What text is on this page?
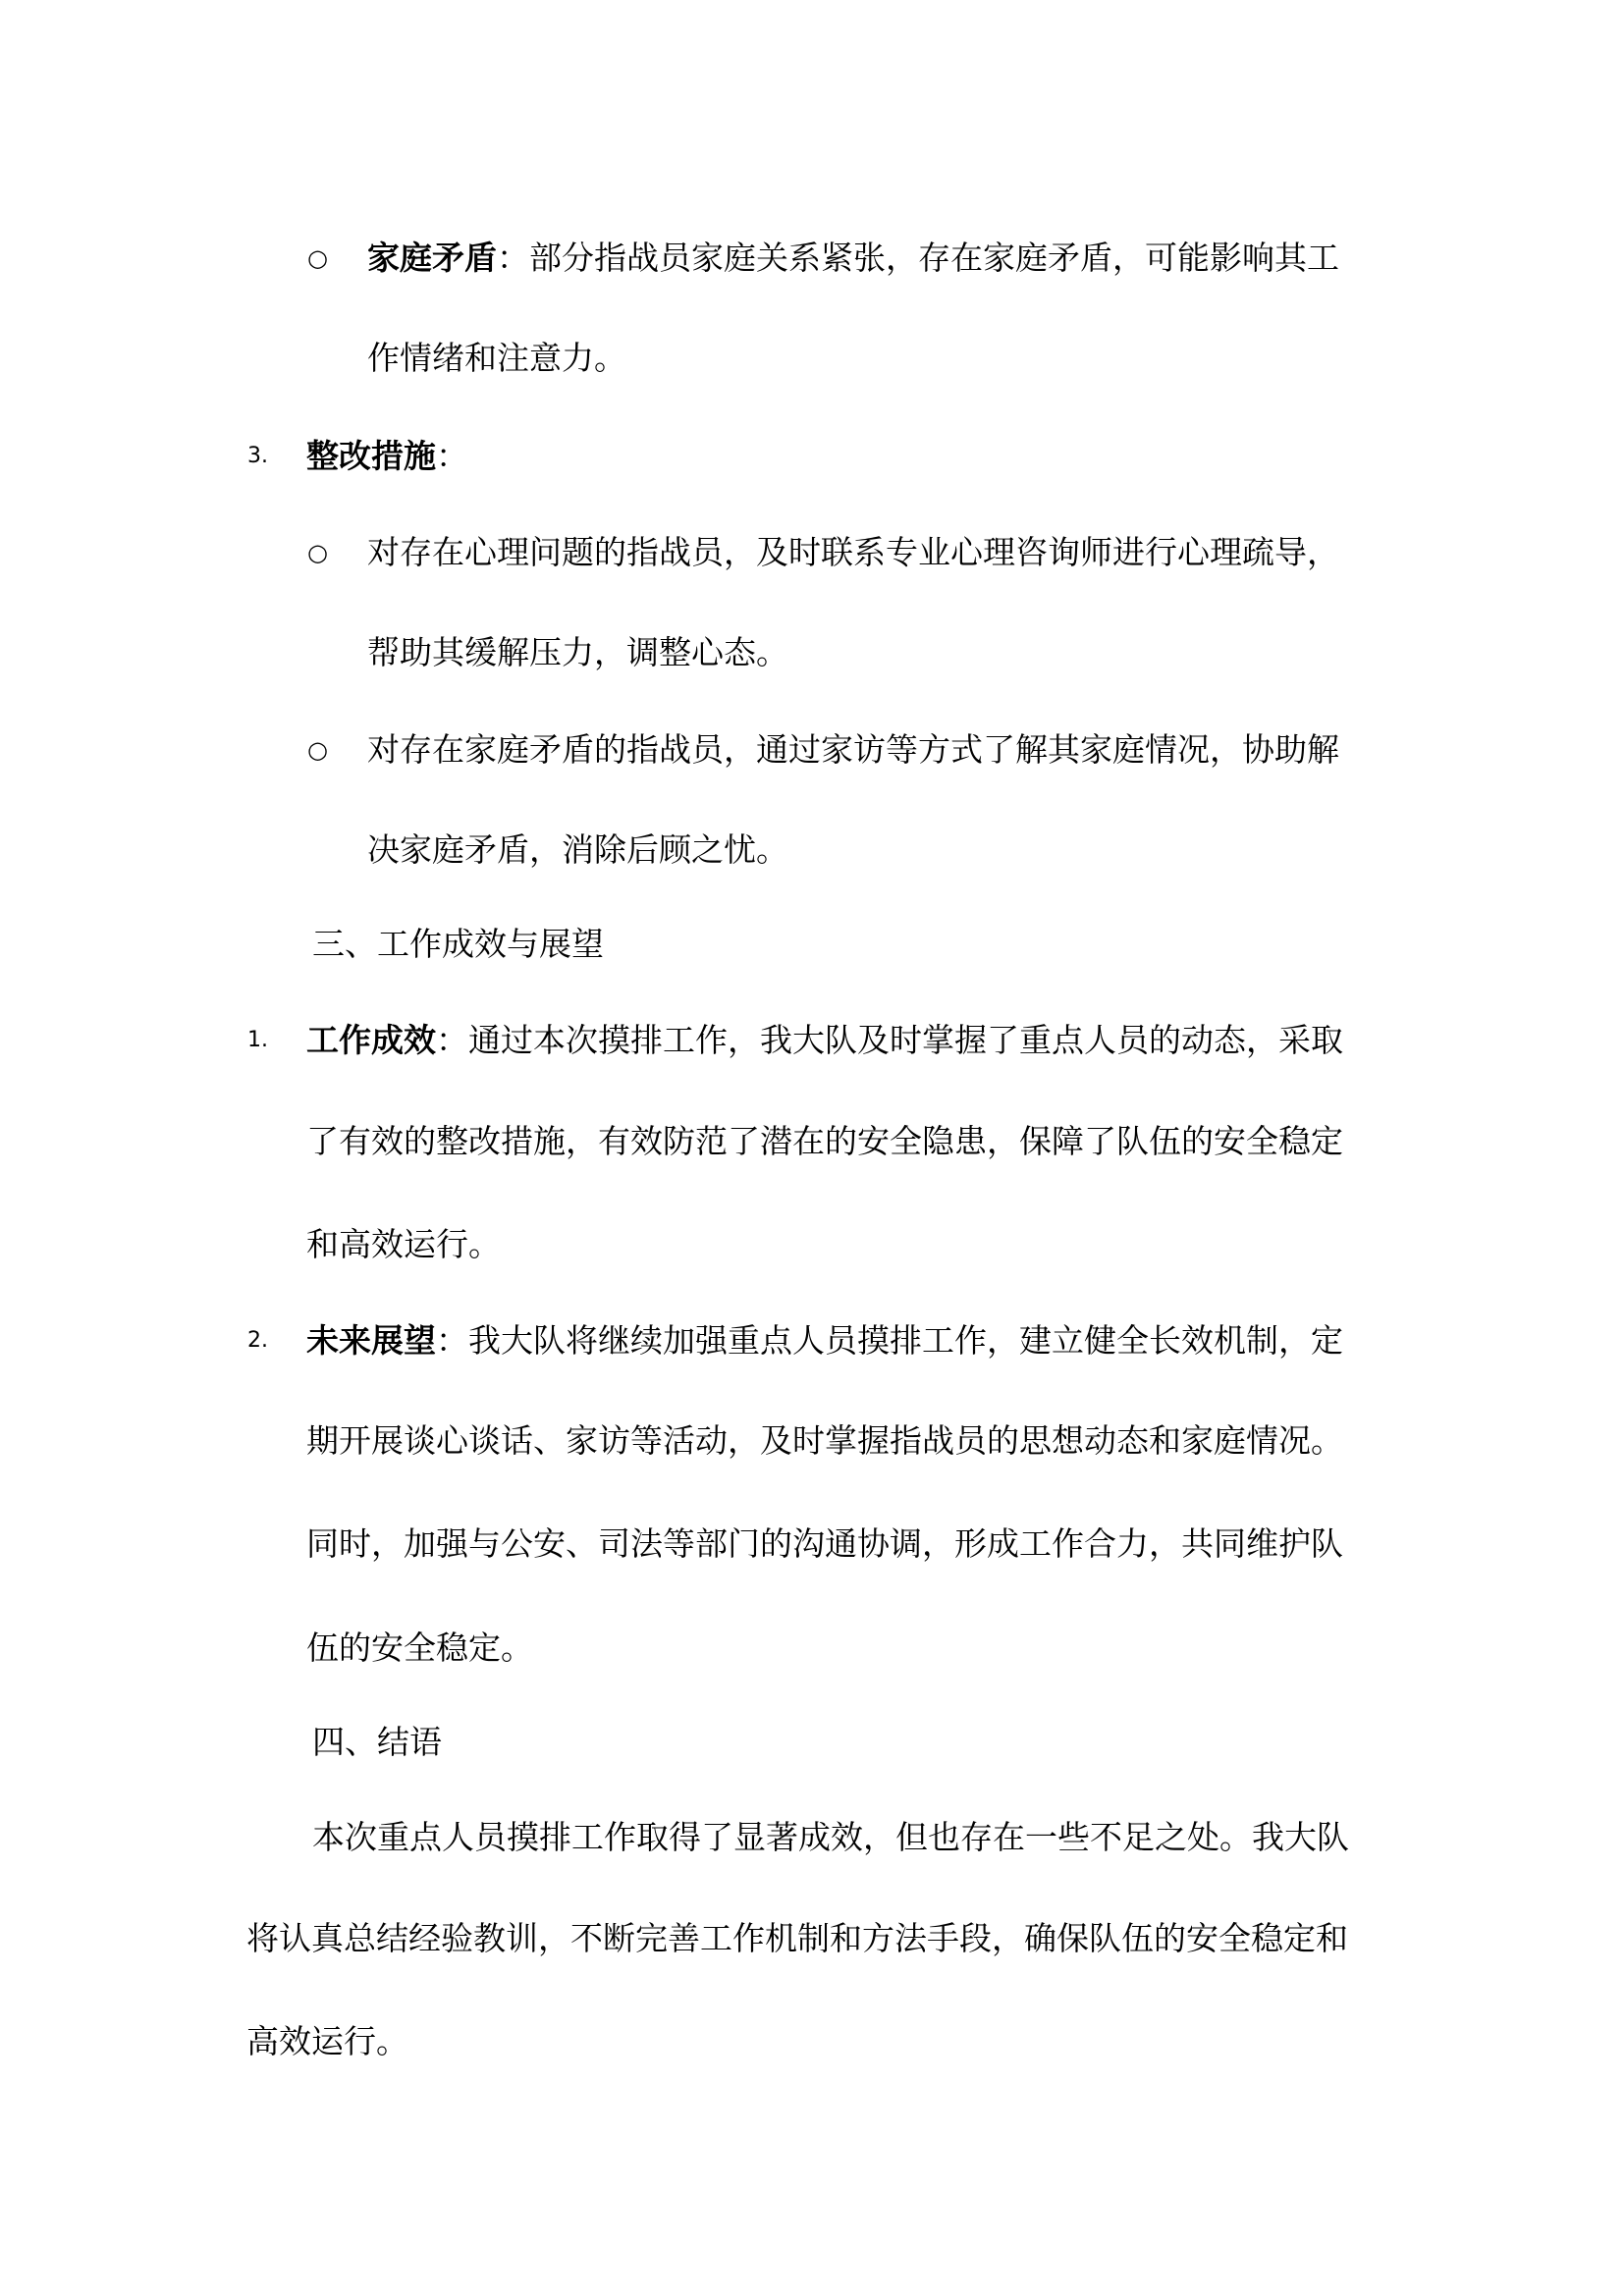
○ 家庭矛盾：部分指战员家庭关系紧张，存在家庭矛盾，可能影响其工
作情绪和注意力。
3. 整改措施：
○ 对存在心理问题的指战员，及时联系专业心理咨询师进行心理疏导，
帮助其缓解压力，调整心态。
○ 对存在家庭矛盾的指战员，通过家访等方式了解其家庭情况，协助解
决家庭矛盾，消除后顾之忧。
三、工作成效与展望
1. 工作成效：通过本次摸排工作，我大队及时掌握了重点人员的动态，采取
了有效的整改措施，有效防范了潜在的安全隐患，保障了队伍的安全稳定
和高效运行。
2. 未来展望：我大队将继续加强重点人员摸排工作，建立健全长效机制，定
期开展谈心谈话、家访等活动，及时掌握指战员的思想动态和家庭情况。
同时，加强与公安、司法等部门的沟通协调，形成工作合力，共同维护队
伍的安全稳定。
四、结语
本次重点人员摸排工作取得了显著成效，但也存在一些不足之处。我大队
将认真总结经验教训，不断完善工作机制和方法手段，确保队伍的安全稳定和
高效运行。
